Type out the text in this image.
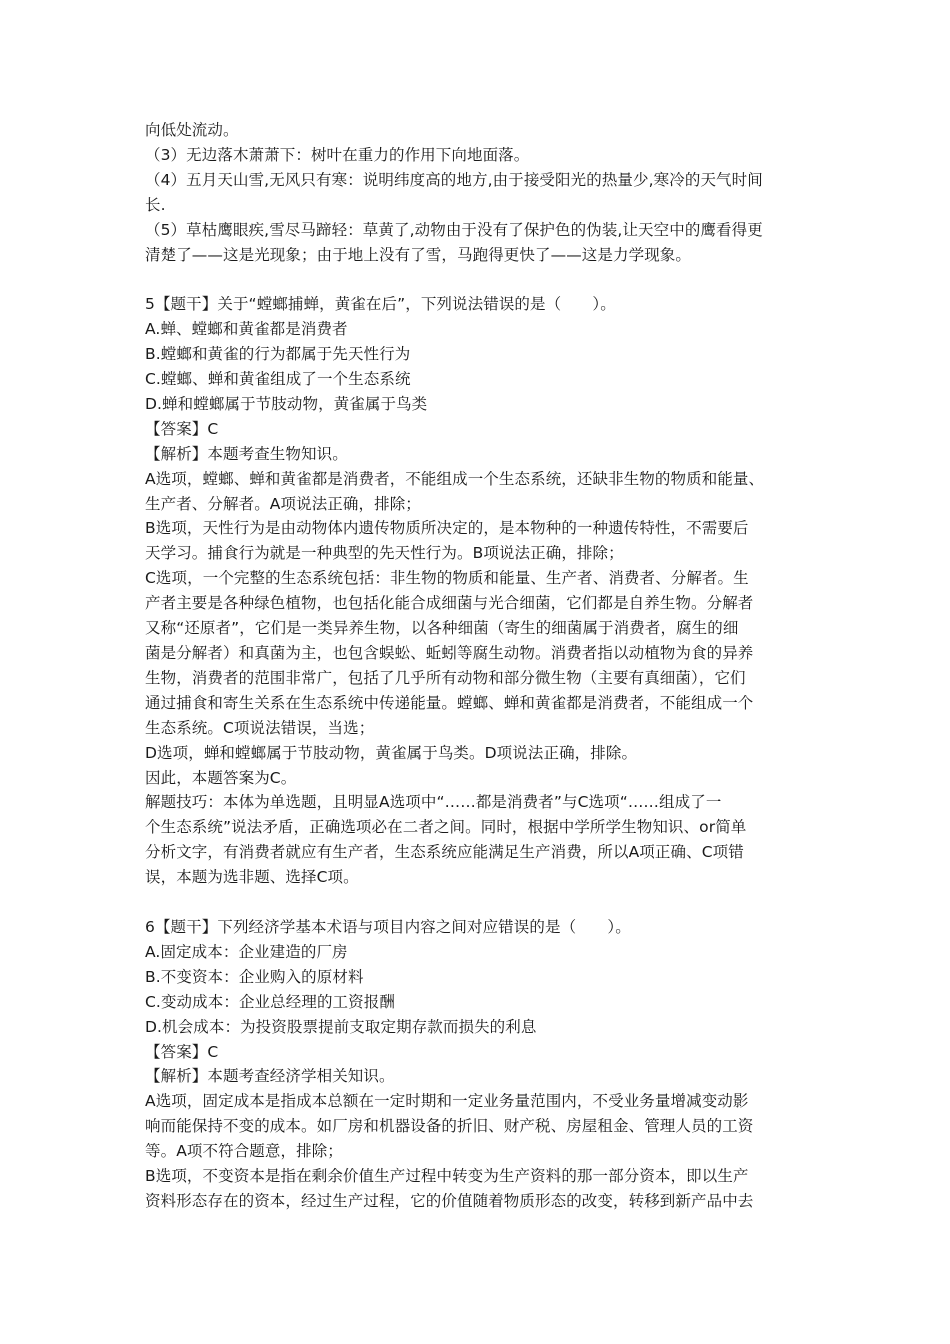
向低处流动。
（3）无边落木萧萧下：树叶在重力的作用下向地面落。
（4）五月天山雪,无风只有寒：说明纬度高的地方,由于接受阳光的热量少,寒冷的天气时间
长.
（5）草枯鹰眼疾,雪尽马蹄轻：草黄了,动物由于没有了保护色的伪装,让天空中的鹰看得更
清楚了——这是光现象；由于地上没有了雪，马跑得更快了——这是力学现象。
5【题干】关于“螳螂捕蝉，黄雀在后”，下列说法错误的是（　　）。
A.蝉、螳螂和黄雀都是消费者
B.螳螂和黄雀的行为都属于先天性行为
C.螳螂、蝉和黄雀组成了一个生态系统
D.蝉和螳螂属于节肢动物，黄雀属于鸟类
【答案】C
【解析】本题考查生物知识。
A选项，螳螂、蝉和黄雀都是消费者，不能组成一个生态系统，还缺非生物的物质和能量、
生产者、分解者。A项说法正确，排除；
B选项，天性行为是由动物体内遗传物质所决定的，是本物种的一种遗传特性，不需要后
天学习。捕食行为就是一种典型的先天性行为。B项说法正确，排除；
C选项，一个完整的生态系统包括：非生物的物质和能量、生产者、消费者、分解者。生
产者主要是各种绿色植物，也包括化能合成细菌与光合细菌，它们都是自养生物。分解者
又称“还原者”，它们是一类异养生物，以各种细菌（寄生的细菌属于消费者，腐生的细
菌是分解者）和真菌为主，也包含蜈蚣、蚯蚓等腐生动物。消费者指以动植物为食的异养
生物，消费者的范围非常广，包括了几乎所有动物和部分微生物（主要有真细菌），它们
通过捕食和寄生关系在生态系统中传递能量。螳螂、蝉和黄雀都是消费者，不能组成一个
生态系统。C项说法错误，当选；
D选项，蝉和螳螂属于节肢动物，黄雀属于鸟类。D项说法正确，排除。
因此，本题答案为C。
解题技巧：本体为单选题，且明显A选项中“……都是消费者”与C选项“……组成了一
个生态系统”说法矛盾，正确选项必在二者之间。同时，根据中学所学生物知识、or简单
分析文字，有消费者就应有生产者，生态系统应能满足生产消费，所以A项正确、C项错
误，本题为选非题、选择C项。
6【题干】下列经济学基本术语与项目内容之间对应错误的是（　　）。
A.固定成本：企业建造的厂房
B.不变资本：企业购入的原材料
C.变动成本：企业总经理的工资报酬
D.机会成本：为投资股票提前支取定期存款而损失的利息
【答案】C
【解析】本题考查经济学相关知识。
A选项，固定成本是指成本总额在一定时期和一定业务量范围内，不受业务量增减变动影
响而能保持不变的成本。如厂房和机器设备的折旧、财产税、房屋租金、管理人员的工资
等。A项不符合题意，排除；
B选项，不变资本是指在剩余价值生产过程中转变为生产资料的那一部分资本，即以生产
资料形态存在的资本，经过生产过程，它的价值随着物质形态的改变，转移到新产品中去
